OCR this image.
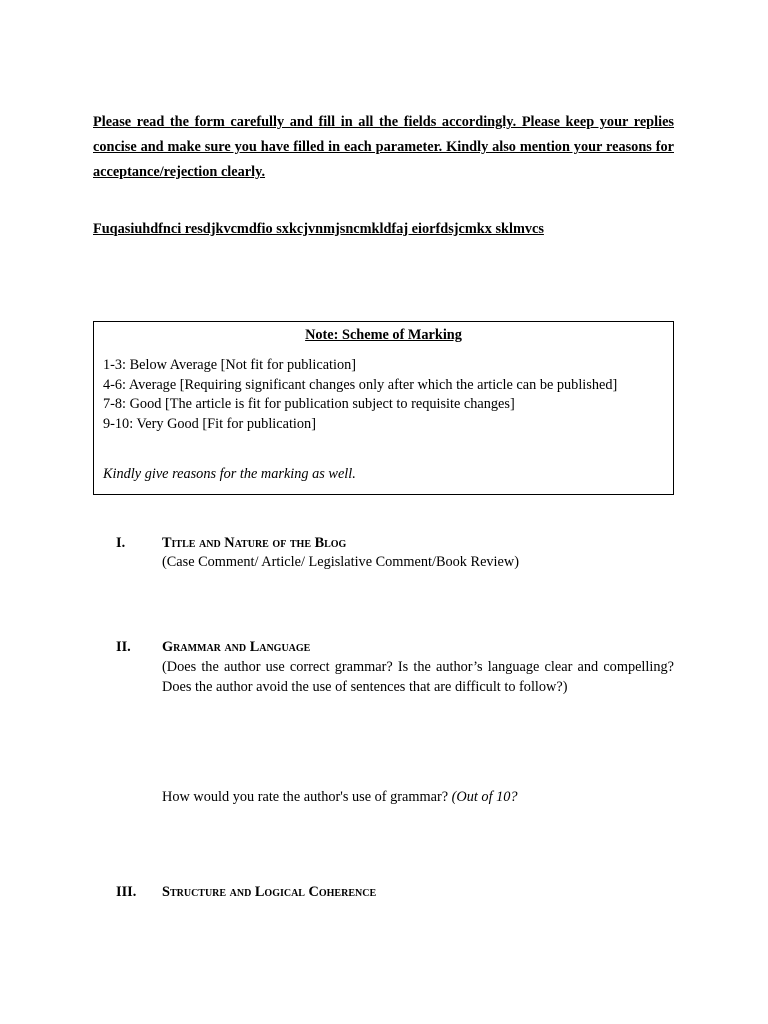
Please read the form carefully and fill in all the fields accordingly. Please keep your replies concise and make sure you have filled in each parameter. Kindly also mention your reasons for acceptance/rejection clearly.
Fuqasiuhdfnci resdjkvcmdfio sxkcjvnmjsncmkldfaj eiorfdsjcmkx sklmvcs
Note: Scheme of Marking
1-3: Below Average [Not fit for publication]
4-6: Average [Requiring significant changes only after which the article can be published]
7-8: Good [The article is fit for publication subject to requisite changes]
9-10: Very Good [Fit for publication]
Kindly give reasons for the marking as well.
I.	Title and Nature of the Blog
(Case Comment/ Article/ Legislative Comment/Book Review)
II. Grammar and Language
(Does the author use correct grammar? Is the author’s language clear and compelling? Does the author avoid the use of sentences that are difficult to follow?)
How would you rate the author's use of grammar? (Out of 10?
III. Structure and Logical Coherence
